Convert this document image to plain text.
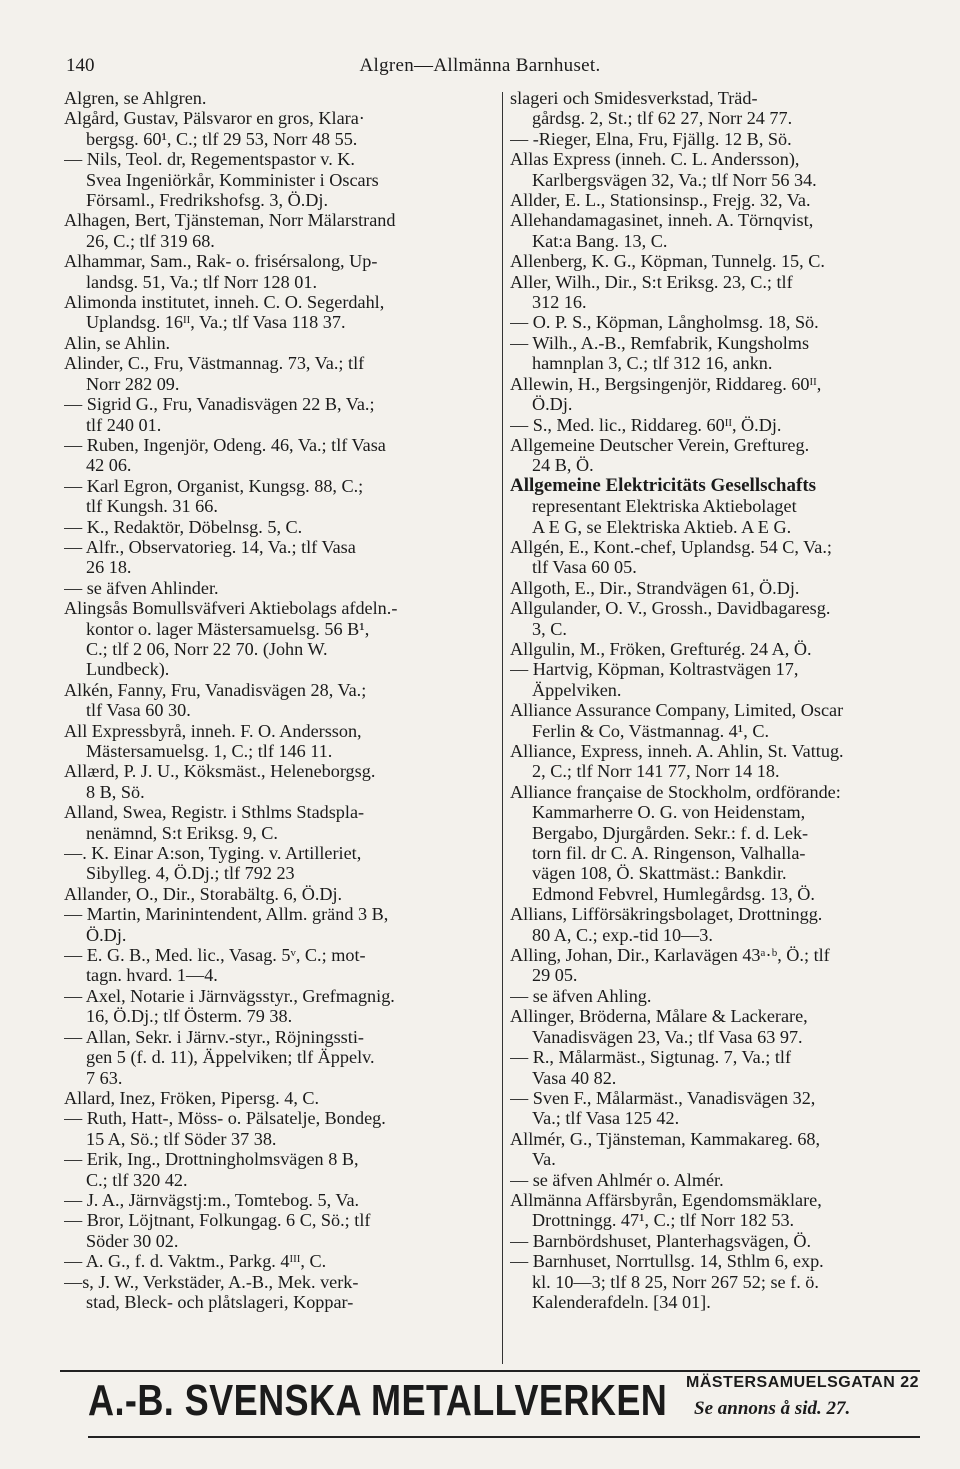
140	Algren—Allmänna Barnhuset.
Algren, se Ahlgren.
Algård, Gustav, Pälsvaror en gros, Klara·
bergsg. 60¹, C.; tlf 29 53, Norr 48 55.
— Nils, Teol. dr, Regementspastor v. K.
Svea Ingeniörkår, Komminister i Oscars
Församl., Fredrikshofsg. 3, Ö.Dj.
Alhagen, Bert, Tjänsteman, Norr Mälarstrand
26, C.; tlf 319 68.
Alhammar, Sam., Rak- o. frisérsalong, Up-
landsg. 51, Va.; tlf Norr 128 01.
Alimonda institutet, inneh. C. O. Segerdahl,
Uplandsg. 16ᴵᴵ, Va.; tlf Vasa 118 37.
Alin, se Ahlin.
Alinder, C., Fru, Västmannag. 73, Va.; tlf
Norr 282 09.
— Sigrid G., Fru, Vanadisvägen 22 B, Va.;
tlf 240 01.
— Ruben, Ingenjör, Odeng. 46, Va.; tlf Vasa
42 06.
— Karl Egron, Organist, Kungsg. 88, C.;
tlf Kungsh. 31 66.
— K., Redaktör, Döbelnsg. 5, C.
— Alfr., Observatorieg. 14, Va.; tlf Vasa
26 18.
— se äfven Ahlinder.
Alingsås Bomullsväfveri Aktiebolags afdeln.-
kontor o. lager Mästersamuelsg. 56 B¹,
C.; tlf 2 06, Norr 22 70. (John W.
Lundbeck).
Alkén, Fanny, Fru, Vanadisvägen 28, Va.;
tlf Vasa 60 30.
All Expressbyrå, inneh. F. O. Andersson,
Mästersamuelsg. 1, C.; tlf 146 11.
Allærd, P. J. U., Köksmäst., Heleneborgsg.
8 B, Sö.
Alland, Swea, Registr. i Sthlms Stadspla-
nenämnd, S:t Eriksg. 9, C.
—. K. Einar A:son, Tyging. v. Artilleriet,
Sibylleg. 4, Ö.Dj.; tlf 792 23
Allander, O., Dir., Storabältg. 6, Ö.Dj.
— Martin, Marinintendent, Allm. gränd 3 B,
Ö.Dj.
— E. G. B., Med. lic., Vasag. 5ᵛ, C.; mot-
tagn. hvard. 1—4.
— Axel, Notarie i Järnvägsstyr., Grefmagnig.
16, Ö.Dj.; tlf Österm. 79 38.
— Allan, Sekr. i Järnv.-styr., Röjningssti-
gen 5 (f. d. 11), Äppelviken; tlf Äppelv.
7 63.
Allard, Inez, Fröken, Pipersg. 4, C.
— Ruth, Hatt-, Möss- o. Pälsatelje, Bondeg.
15 A, Sö.; tlf Söder 37 38.
— Erik, Ing., Drottningholmsvägen 8 B,
C.; tlf 320 42.
— J. A., Järnvägstj:m., Tomtebog. 5, Va.
— Bror, Löjtnant, Folkungag. 6 C, Sö.; tlf
Söder 30 02.
— A. G., f. d. Vaktm., Parkg. 4ᴵᴵᴵ, C.
—s, J. W., Verkstäder, A.-B., Mek. verk-
stad, Bleck- och plåtslageri, Koppar-
slageri och Smidesverkstad, Träd-
gårdsg. 2, St.; tlf 62 27, Norr 24 77.
— -Rieger, Elna, Fru, Fjällg. 12 B, Sö.
Allas Express (inneh. C. L. Andersson),
Karlbergsvägen 32, Va.; tlf Norr 56 34.
Allder, E. L., Stationsinsp., Frejg. 32, Va.
Allehandamagasinet, inneh. A. Törnqvist,
Kat:a Bang. 13, C.
Allenberg, K. G., Köpman, Tunnelg. 15, C.
Aller, Wilh., Dir., S:t Eriksg. 23, C.; tlf
312 16.
— O. P. S., Köpman, Långholmsg. 18, Sö.
— Wilh., A.-B., Remfabrik, Kungsholms
hamnplan 3, C.; tlf 312 16, ankn.
Allewin, H., Bergsingenjör, Riddareg. 60ᴵᴵ,
Ö.Dj.
— S., Med. lic., Riddareg. 60ᴵᴵ, Ö.Dj.
Allgemeine Deutscher Verein, Greftureg.
24 B, Ö.
Allgemeine Elektricitäts Gesellschafts
representant Elektriska Aktiebolaget
A E G, se Elektriska Aktieb. A E G.
Allgén, E., Kont.-chef, Uplandsg. 54 C, Va.;
tlf Vasa 60 05.
Allgoth, E., Dir., Strandvägen 61, Ö.Dj.
Allgulander, O. V., Grossh., Davidbagaresg.
3, C.
Allgulin, M., Fröken, Grefturég. 24 A, Ö.
— Hartvig, Köpman, Koltrastvägen 17,
Äppelviken.
Alliance Assurance Company, Limited, Oscar
Ferlin & Co, Västmannag. 4¹, C.
Alliance, Express, inneh. A. Ahlin, St. Vattug.
2, C.; tlf Norr 141 77, Norr 14 18.
Alliance française de Stockholm, ordförande:
Kammarherre O. G. von Heidenstam,
Bergabo, Djurgården. Sekr.: f. d. Lek-
torn fil. dr C. A. Ringenson, Valhalla-
vägen 108, Ö. Skattmäst.: Bankdir.
Edmond Febvrel, Humlegårdsg. 13, Ö.
Allians, Lifförsäkringsbolaget, Drottningg.
80 A, C.; exp.-tid 10—3.
Alling, Johan, Dir., Karlavägen 43ᵃ·ᵇ, Ö.; tlf
29 05.
— se äfven Ahling.
Allinger, Bröderna, Målare & Lackerare,
Vanadisvägen 23, Va.; tlf Vasa 63 97.
— R., Målarmäst., Sigtunag. 7, Va.; tlf
Vasa 40 82.
— Sven F., Målarmäst., Vanadisvägen 32,
Va.; tlf Vasa 125 42.
Allmér, G., Tjänsteman, Kammakareg. 68,
Va.
— se äfven Ahlmér o. Almér.
Allmänna Affärsbyrån, Egendomsmäklare,
Drottningg. 47¹, C.; tlf Norr 182 53.
— Barnbördshuset, Planterhagsvägen, Ö.
— Barnhuset, Norrtullsg. 14, Sthlm 6, exp.
kl. 10—3; tlf 8 25, Norr 267 52; se f. ö.
Kalenderafdeln. [34 01].
A.-B. SVENSKA METALLVERKEN MÄSTERSAMUELSGATAN 22
Se annons å sid. 27.
